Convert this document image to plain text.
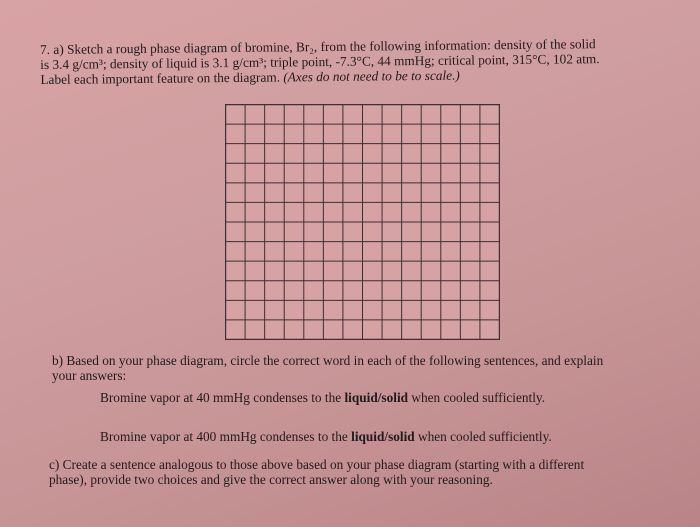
7. a) Sketch a rough phase diagram of bromine, Br₂, from the following information: density of the solid
is 3.4 g/cm³; density of liquid is 3.1 g/cm³; triple point, -7.3°C, 44 mmHg; critical point, 315°C, 102 atm.
Label each important feature on the diagram. (Axes do not need to be to scale.)
b) Based on your phase diagram, circle the correct word in each of the following sentences, and explain
your answers:
Bromine vapor at 40 mmHg condenses to the liquid/solid when cooled sufficiently.
Bromine vapor at 400 mmHg condenses to the liquid/solid when cooled sufficiently.
c) Create a sentence analogous to those above based on your phase diagram (starting with a different
phase), provide two choices and give the correct answer along with your reasoning.
